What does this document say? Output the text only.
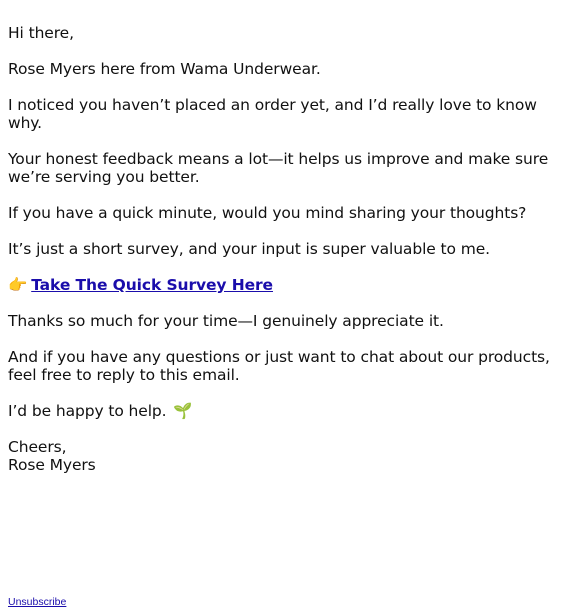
Hi there,

Rose Myers here from Wama Underwear.

I noticed you haven’t placed an order yet, and I’d really love to know why.

Your honest feedback means a lot—it helps us improve and make sure we’re serving you better.

If you have a quick minute, would you mind sharing your thoughts?

It’s just a short survey, and your input is super valuable to me.

👉 Take The Quick Survey Here

Thanks so much for your time—I genuinely appreciate it.

And if you have any questions or just want to chat about our products, feel free to reply to this email.

I’d be happy to help. 🌱

Cheers,
Rose Myers

Unsubscribe
